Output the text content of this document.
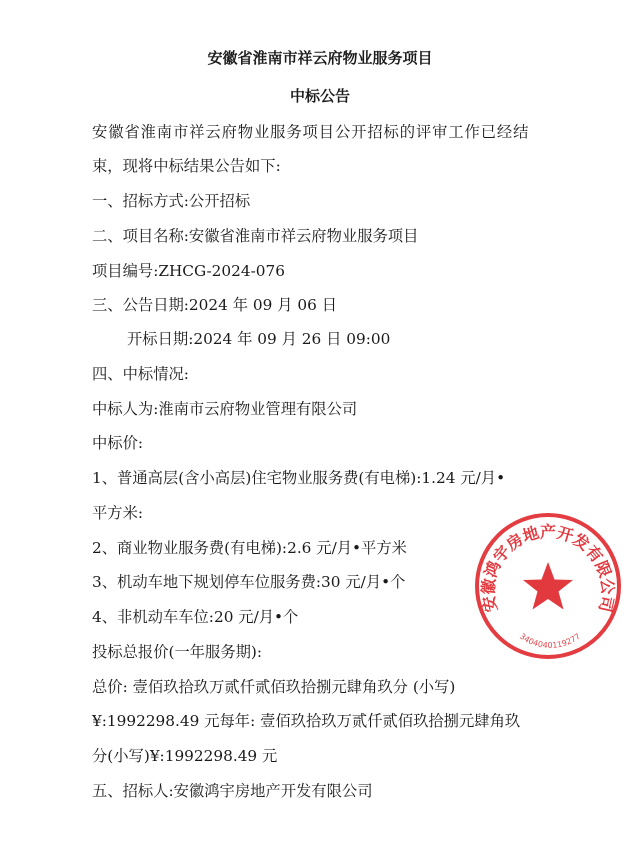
安徽省淮南市祥云府物业服务项目
中标公告
安徽省淮南市祥云府物业服务项目公开招标的评审工作已经结
束，现将中标结果公告如下:
一、招标方式:公开招标
二、项目名称:安徽省淮南市祥云府物业服务项目
项目编号:ZHCG-2024-076
三、公告日期:2024 年 09 月 06 日
开标日期:2024 年 09 月 26 日 09:00
四、中标情况:
中标人为:淮南市云府物业管理有限公司
中标价:
1、普通高层(含小高层)住宅物业服务费(有电梯):1.24 元/月•
平方米:
2、商业物业服务费(有电梯):2.6 元/月•平方米
3、机动车地下规划停车位服务费:30 元/月•个
4、非机动车车位:20 元/月•个
投标总报价(一年服务期):
总价: 壹佰玖拾玖万贰仟贰佰玖拾捌元肆角玖分 (小写)
¥:1992298.49 元每年: 壹佰玖拾玖万贰仟贰佰玖拾捌元肆角玖
分(小写)¥:1992298.49 元
五、招标人:安徽鸿宇房地产开发有限公司
安徽鸿宇房地产开发有限公司
3404040119277
